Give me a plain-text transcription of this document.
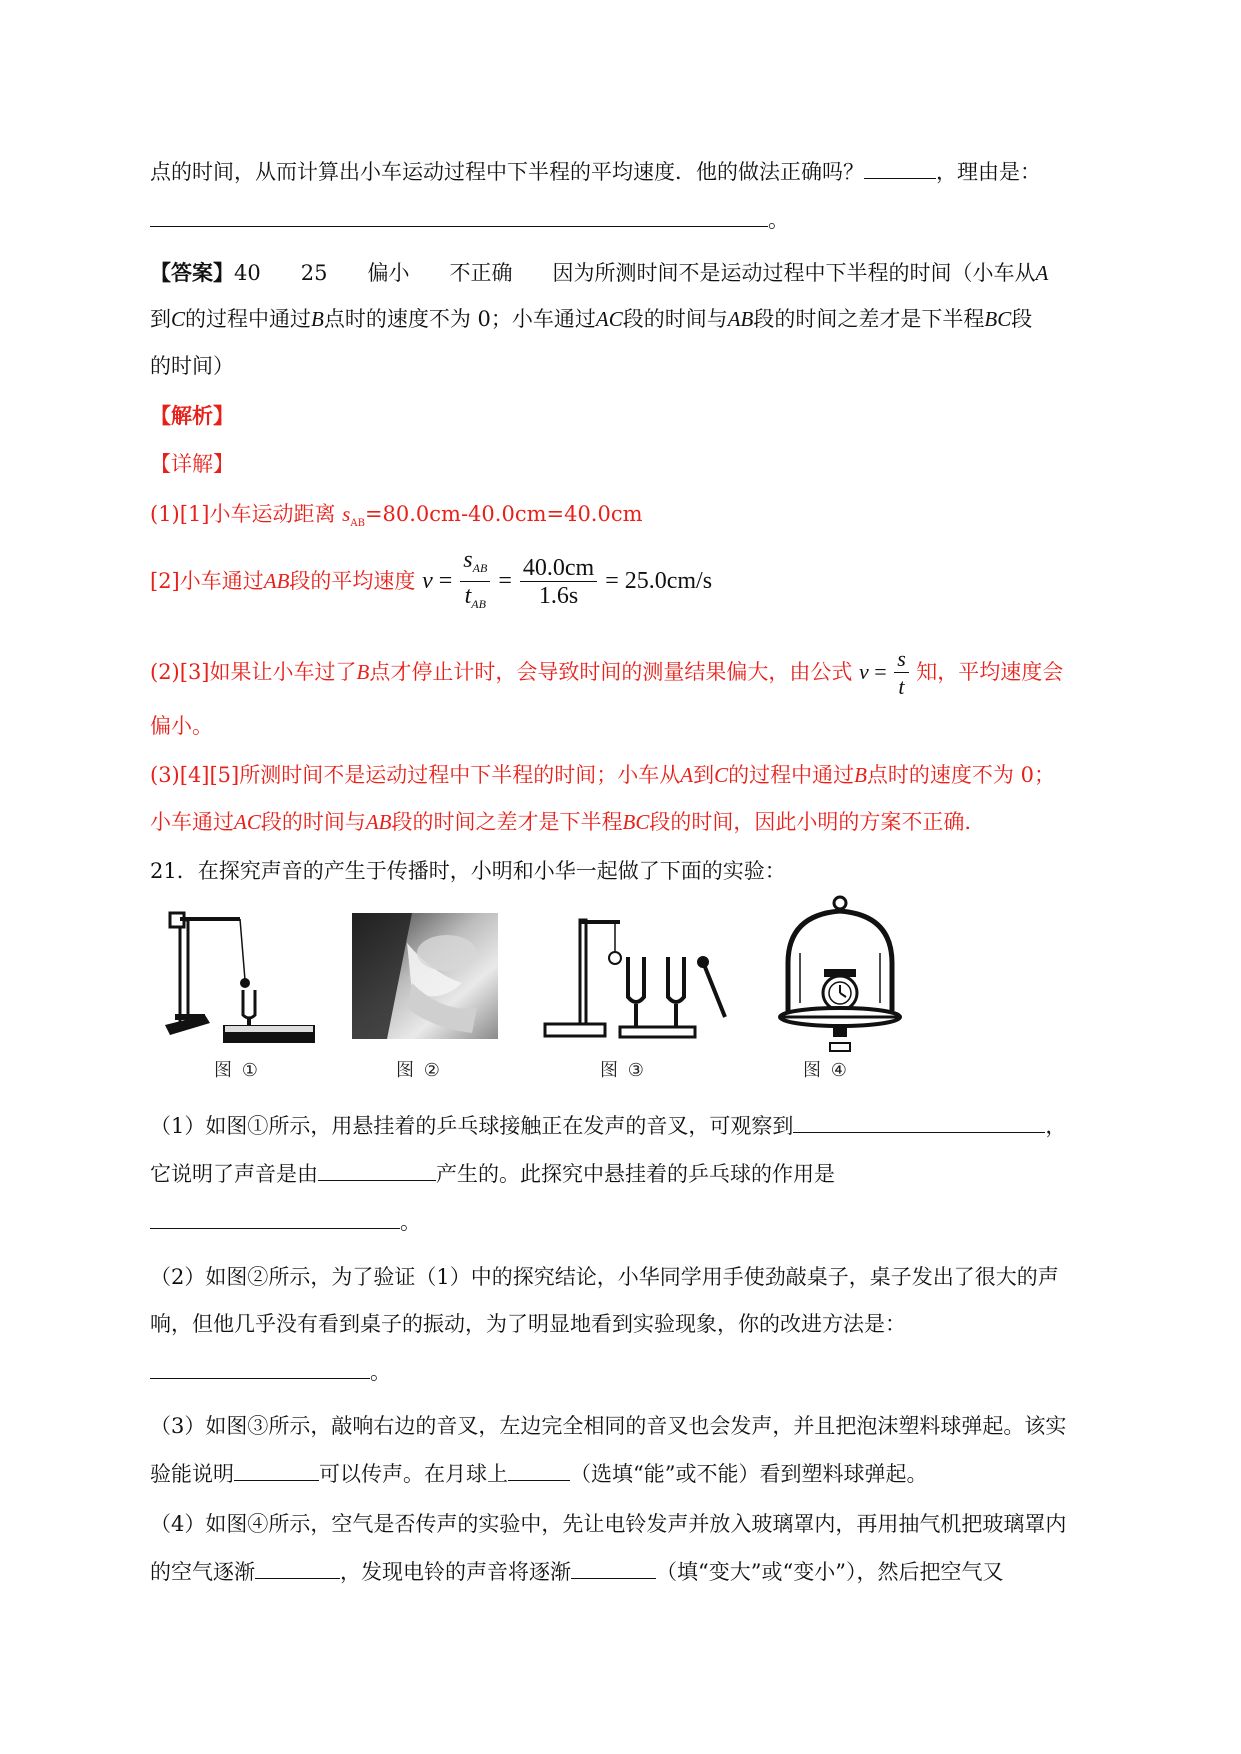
点的时间，从而计算出小车运动过程中下半程的平均速度．他的做法正确吗？	，理由是：
。
【答案】40 25 偏小 不正确 因为所测时间不是运动过程中下半程的时间（小车从A
到C的过程中通过B点时的速度不为 0；小车通过AC段的时间与AB段的时间之差才是下半程BC段
的时间）
【解析】
【详解】
(1)[1]小车运动距离 $s_{AB}=80.0cm-40.0cm=40.0cm$
[2]小车通过AB段的平均速度 $v = \frac{s_{AB}}{t_{AB}} = \frac{40.0cm}{1.6s} = 25.0cm/s$
(2)[3]如果让小车过了B点才停止计时，会导致时间的测量结果偏大，由公式 $v = \frac{s}{t}$ 知，平均速度会
偏小。
(3)[4][5]所测时间不是运动过程中下半程的时间；小车从A到C的过程中通过B点时的速度不为 0；
小车通过AC段的时间与AB段的时间之差才是下半程BC段的时间，因此小明的方案不正确.
21．在探究声音的产生于传播时，小明和小华一起做了下面的实验：
图 ①	图 ②	图 ③	图 ④
（1）如图①所示，用悬挂着的乒乓球接触正在发声的音叉，可观察到	，
它说明了声音是由	产生的。此探究中悬挂着的乒乓球的作用是
。
（2）如图②所示，为了验证（1）中的探究结论，小华同学用手使劲敲桌子，桌子发出了很大的声
响，但他几乎没有看到桌子的振动，为了明显地看到实验现象，你的改进方法是：
。
（3）如图③所示，敲响右边的音叉，左边完全相同的音叉也会发声，并且把泡沫塑料球弹起。该实
验能说明	可以传声。在月球上	（选填“能”或不能）看到塑料球弹起。
（4）如图④所示，空气是否传声的实验中，先让电铃发声并放入玻璃罩内，再用抽气机把玻璃罩内
的空气逐渐	，发现电铃的声音将逐渐	（填“变大”或“变小”），然后把空气又
